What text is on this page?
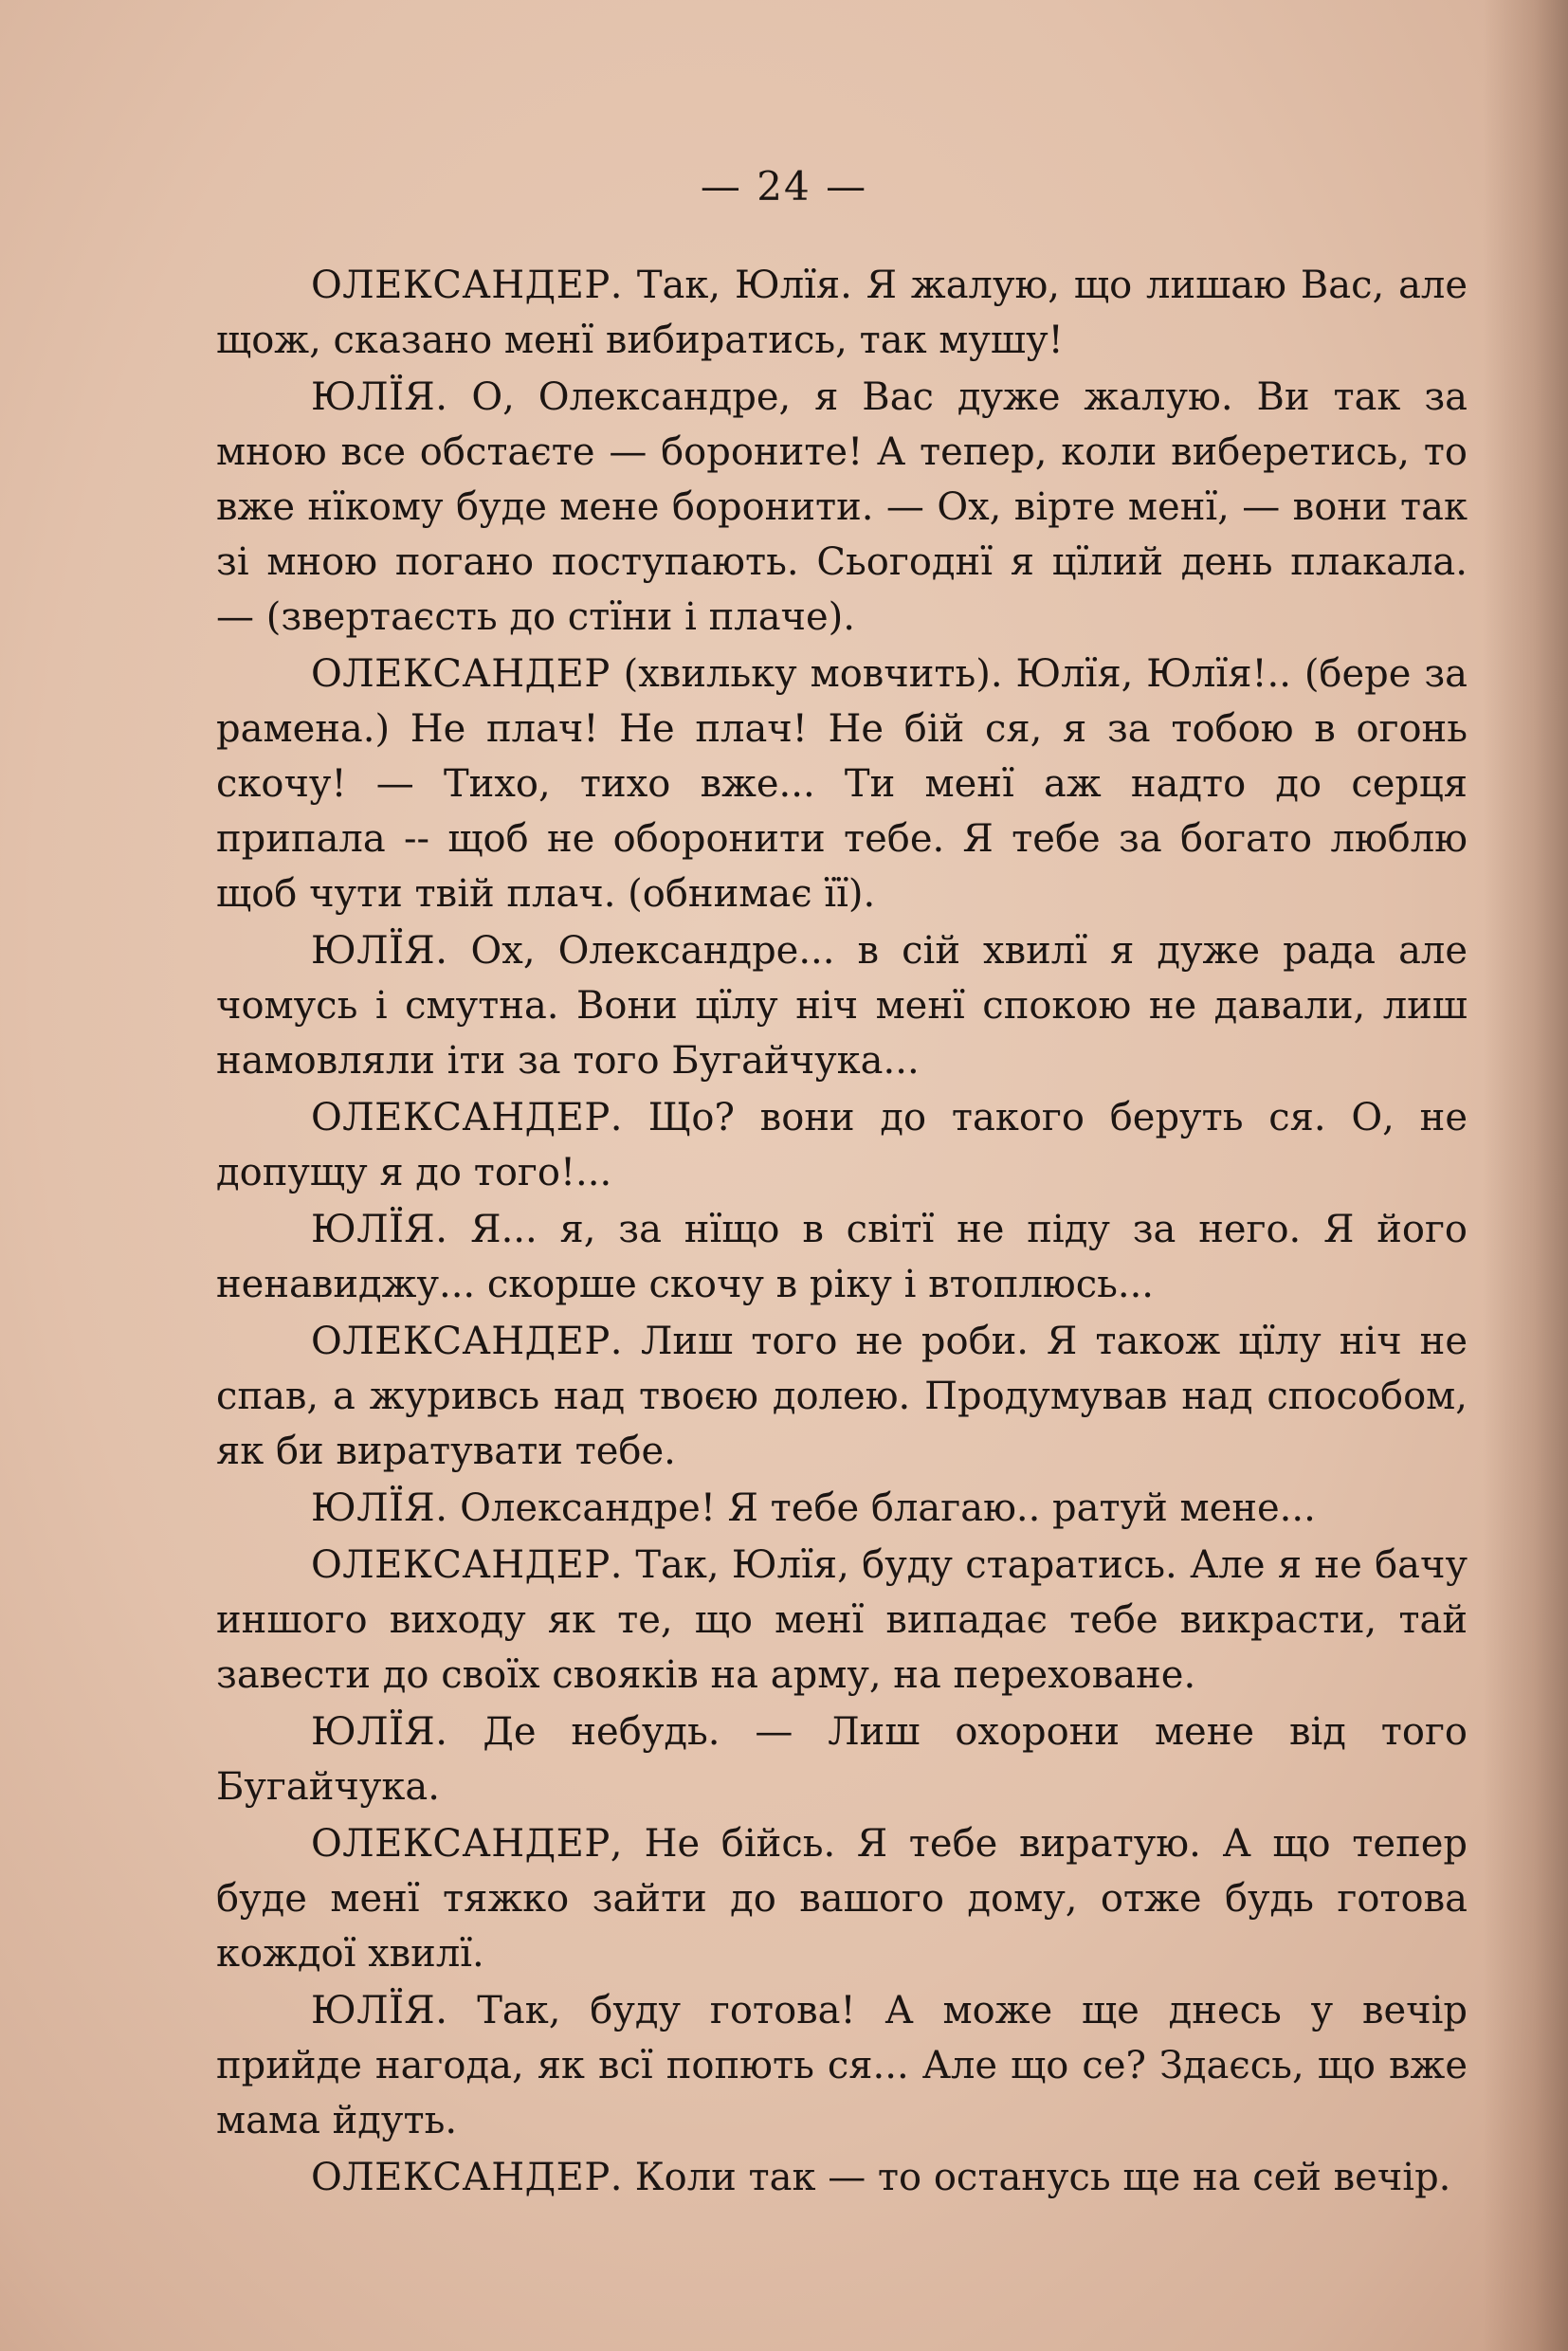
— 24 —

ОЛЕКСАНДЕР. Так, Юлїя. Я жалую, що лишаю Вас, але щож, сказано менї вибиратись, так мушу!

ЮЛЇЯ. О, Олександре, я Вас дуже жалую. Ви так за мною все обстаєте — бороните! А тепер, коли виберетись, то вже нїкому буде мене боронити. — Ох, вірте менї, — вони так зі мною погано поступають. Сьогоднї я цїлий день плакала. — (звертаєсть до стїни і плаче).

ОЛЕКСАНДЕР (хвильку мовчить). Юлїя, Юлїя!.. (бере за рамена.) Не плач! Не плач! Не бій ся, я за тобою в огонь скочу! — Тихо, тихо вже... Ти менї аж надто до серця припала -- щоб не оборонити тебе. Я тебе за богато люблю щоб чути твій плач. (обнимає її).

ЮЛЇЯ. Ох, Олександре... в сій хвилї я дуже рада але чомусь і смутна. Вони цїлу ніч менї спокою не давали, лиш намовляли іти за того Бугайчука...

ОЛЕКСАНДЕР. Що? вони до такого беруть ся. О, не допущу я до того!...

ЮЛЇЯ. Я... я, за нїщо в світї не піду за него. Я його ненавиджу... скорше скочу в ріку і втоплюсь...

ОЛЕКСАНДЕР. Лиш того не роби. Я також цїлу ніч не спав, а журивсь над твоєю долею. Продумував над способом, як би виратувати тебе.

ЮЛЇЯ. Олександре! Я тебе благаю.. ратуй мене...

ОЛЕКСАНДЕР. Так, Юлїя, буду старатись. Але я не бачу иншого виходу як те, що менї випадає тебе викрасти, тай завести до своїх свояків на арму, на переховане.

ЮЛЇЯ. Де небудь. — Лиш охорони мене від того Бугайчука.

ОЛЕКСАНДЕР, Не бійсь. Я тебе виратую. А що тепер буде менї тяжко зайти до вашого дому, отже будь готова кождої хвилї.

ЮЛЇЯ. Так, буду готова! А може ще днесь у вечір прийде нагода, як всї попють ся... Але що се? Здаєсь, що вже мама йдуть.

ОЛЕКСАНДЕР. Коли так — то останусь ще на сей вечір.
